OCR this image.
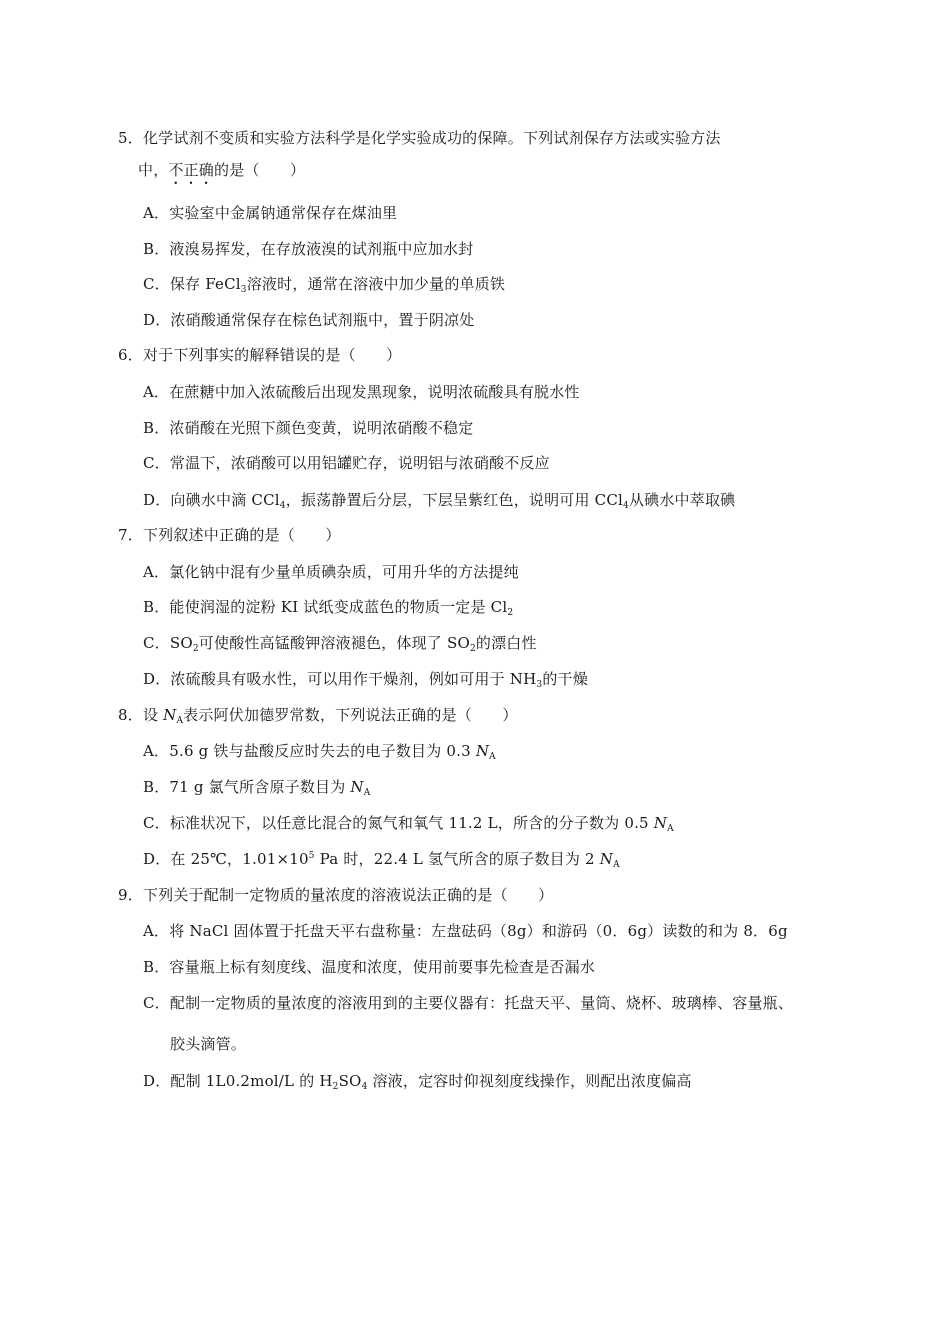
5．化学试剂不变质和实验方法科学是化学实验成功的保障。下列试剂保存方法或实验方法
中，不正确的是（　　）
A．实验室中金属钠通常保存在煤油里
B．液溴易挥发，在存放液溴的试剂瓶中应加水封
C．保存 FeCl$_3$溶液时，通常在溶液中加少量的单质铁
D．浓硝酸通常保存在棕色试剂瓶中，置于阴凉处
6．对于下列事实的解释错误的是（　　）
A．在蔗糖中加入浓硫酸后出现发黑现象，说明浓硫酸具有脱水性
B．浓硝酸在光照下颜色变黄，说明浓硝酸不稳定
C．常温下，浓硝酸可以用铝罐贮存，说明铝与浓硝酸不反应
D．向碘水中滴 CCl$_4$，振荡静置后分层，下层呈紫红色，说明可用 CCl$_4$从碘水中萃取碘
7．下列叙述中正确的是（　　）
A．氯化钠中混有少量单质碘杂质，可用升华的方法提纯
B．能使润湿的淀粉 KI 试纸变成蓝色的物质一定是 $Cl_2$
C．$SO_2$可使酸性高锰酸钾溶液褪色，体现了 $SO_2$的漂白性
D．浓硫酸具有吸水性，可以用作干燥剂，例如可用于 $NH_3$的干燥
8．设 $N_A$表示阿伏加德罗常数，下列说法正确的是（　　）
A．5.6 g 铁与盐酸反应时失去的电子数目为 0.3 $N_A$
B．71 g 氯气所含原子数目为 $N_A$
C．标准状况下，以任意比混合的氮气和氧气 11.2 L，所含的分子数为 0.5 $N_A$
D．在 25℃，$1.01\times 10^5$ Pa 时，22.4 L 氢气所含的原子数目为 2 $N_A$
9．下列关于配制一定物质的量浓度的溶液说法正确的是（　　）
A．将 NaCl 固体置于托盘天平右盘称量：左盘砝码（8g）和游码（0．6g）读数的和为 8．6g
B．容量瓶上标有刻度线、温度和浓度，使用前要事先检查是否漏水
C．配制一定物质的量浓度的溶液用到的主要仪器有：托盘天平、量筒、烧杯、玻璃棒、容量瓶、
胶头滴管。
D．配制 1L0.2mol/L 的 $H_2SO_4$ 溶液，定容时仰视刻度线操作，则配出浓度偏高
